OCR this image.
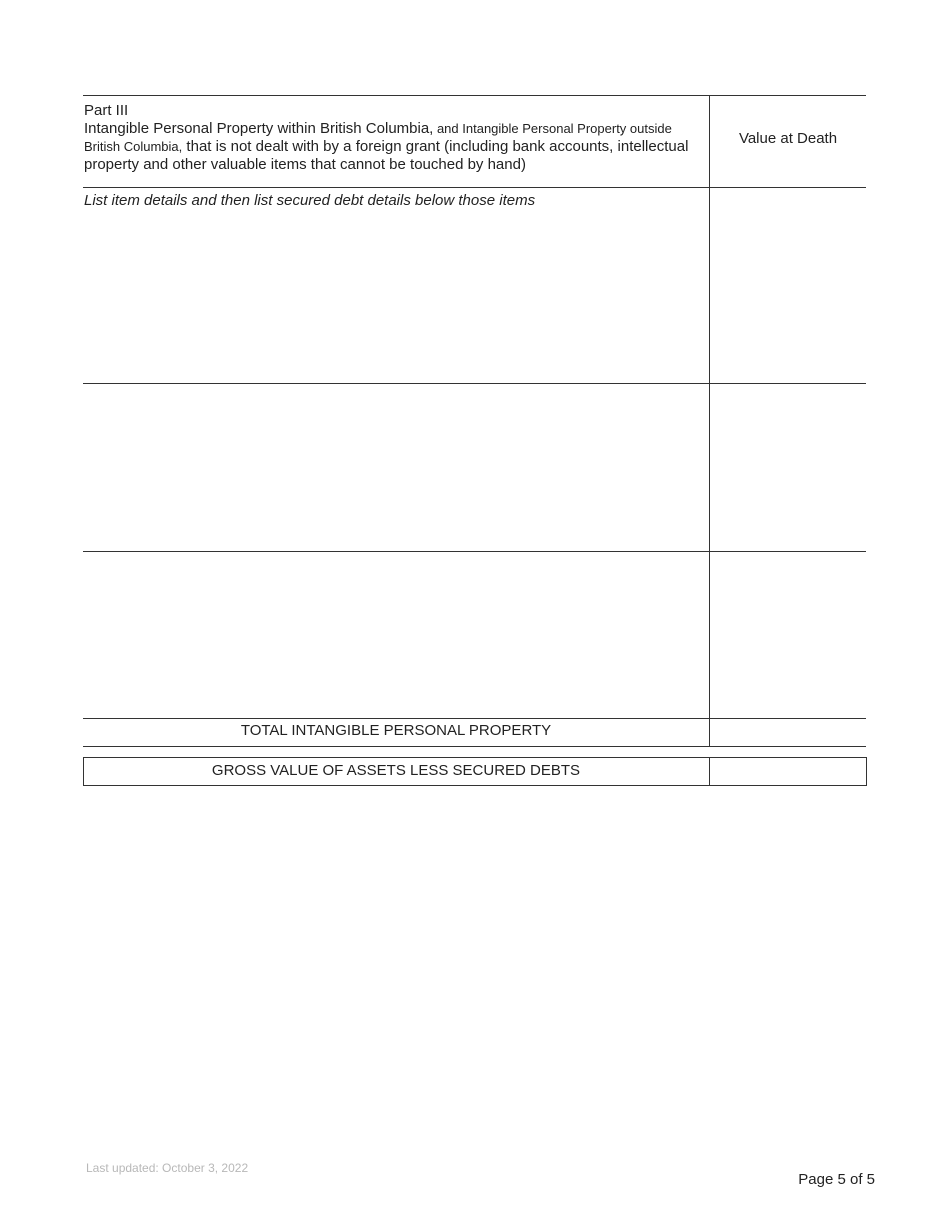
Part III
Intangible Personal Property within British Columbia, and Intangible Personal Property outside British Columbia, that is not dealt with by a foreign grant (including bank accounts, intellectual property and other valuable items that cannot be touched by hand)
Value at Death
List item details and then list secured debt details below those items
TOTAL INTANGIBLE PERSONAL PROPERTY
GROSS VALUE OF ASSETS LESS SECURED DEBTS
Last updated: October 3, 2022
Page 5 of 5
